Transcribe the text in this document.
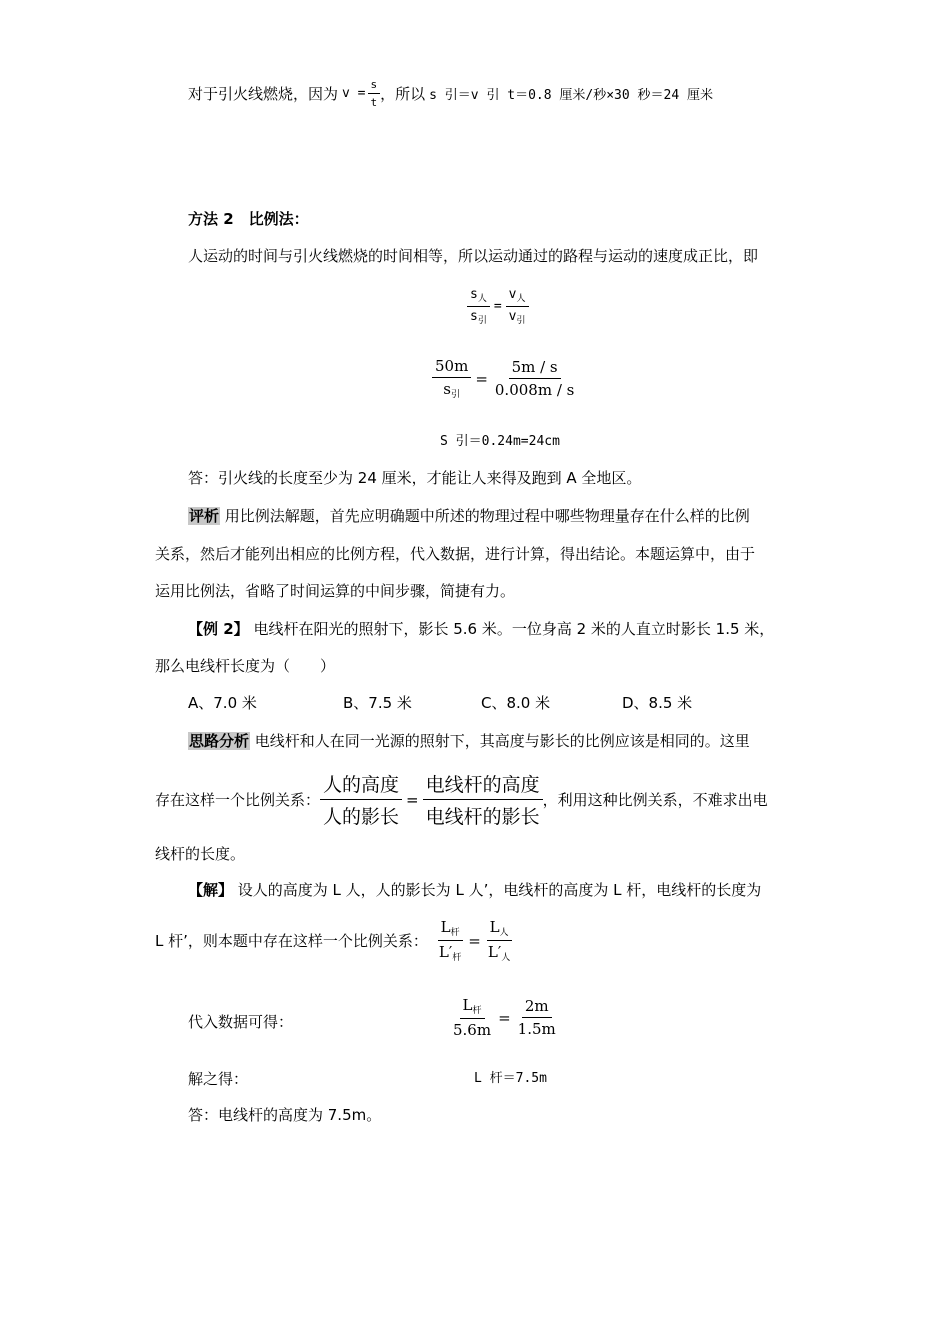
对于引火线燃烧，因为 $v = \frac{s}{t}$ ，所以 s 引＝v 引 t＝0.8 厘米/秒×30 秒＝24 厘米
方法 2　比例法：
人运动的时间与引火线燃烧的时间相等，所以运动通过的路程与运动的速度成正比，即
$\frac{s_人}{s_引} = \frac{v_人}{v_引}$
$\frac{50m}{s_引} = \frac{5m / s}{0.008m / s}$
S 引＝0.24m=24cm
答：引火线的长度至少为 24 厘米，才能让人来得及跑到 A 全地区。
评析 用比例法解题，首先应明确题中所述的物理过程中哪些物理量存在什么样的比例
关系，然后才能列出相应的比例方程，代入数据，进行计算，得出结论。本题运算中，由于
运用比例法，省略了时间运算的中间步骤，简捷有力。
【例 2】 电线杆在阳光的照射下，影长 5.6 米。一位身高 2 米的人直立时影长 1.5 米，
那么电线杆长度为（　　）
A、7.0 米	B、7.5 米	C、8.0 米	D、8.5 米
思路分析 电线杆和人在同一光源的照射下，其高度与影长的比例应该是相同的。这里
存在这样一个比例关系： $\frac{\text{人的高度}}{\text{人的影长}} = \frac{\text{电线杆的高度}}{\text{电线杆的影长}}$ ，利用这种比例关系，不难求出电
线杆的长度。
【解】 设人的高度为 L 人，人的影长为 L 人’，电线杆的高度为 L 杆，电线杆的长度为
L 杆’，则本题中存在这样一个比例关系： $\frac{L_杆}{L'_杆} = \frac{L_人}{L'_人}$
代入数据可得：	$\frac{L_杆}{5.6m} = \frac{2m}{1.5m}$
解之得：	L 杆＝7.5m
答：电线杆的高度为 7.5m。
